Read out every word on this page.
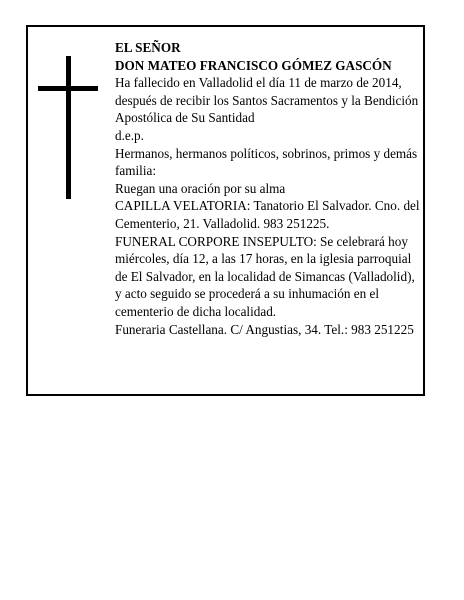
EL SEÑOR

DON MATEO FRANCISCO GÓMEZ GASCÓN

Ha fallecido en Valladolid el día 11 de marzo de 2014, después de recibir los Santos Sacramentos y la Bendición Apostólica de Su Santidad

d.e.p.

Hermanos, hermanos políticos, sobrinos, primos y demás familia:

Ruegan una oración por su alma

CAPILLA VELATORIA: Tanatorio El Salvador. Cno. del Cementerio, 21. Valladolid. 983 251225.

FUNERAL CORPORE INSEPULTO: Se celebrará hoy miércoles, día 12, a las 17 horas, en la iglesia parroquial de El Salvador, en la localidad de Simancas (Valladolid), y acto seguido se procederá a su inhumación en el cementerio de dicha localidad.

Funeraria Castellana. C/ Angustias, 34. Tel.: 983 251225
